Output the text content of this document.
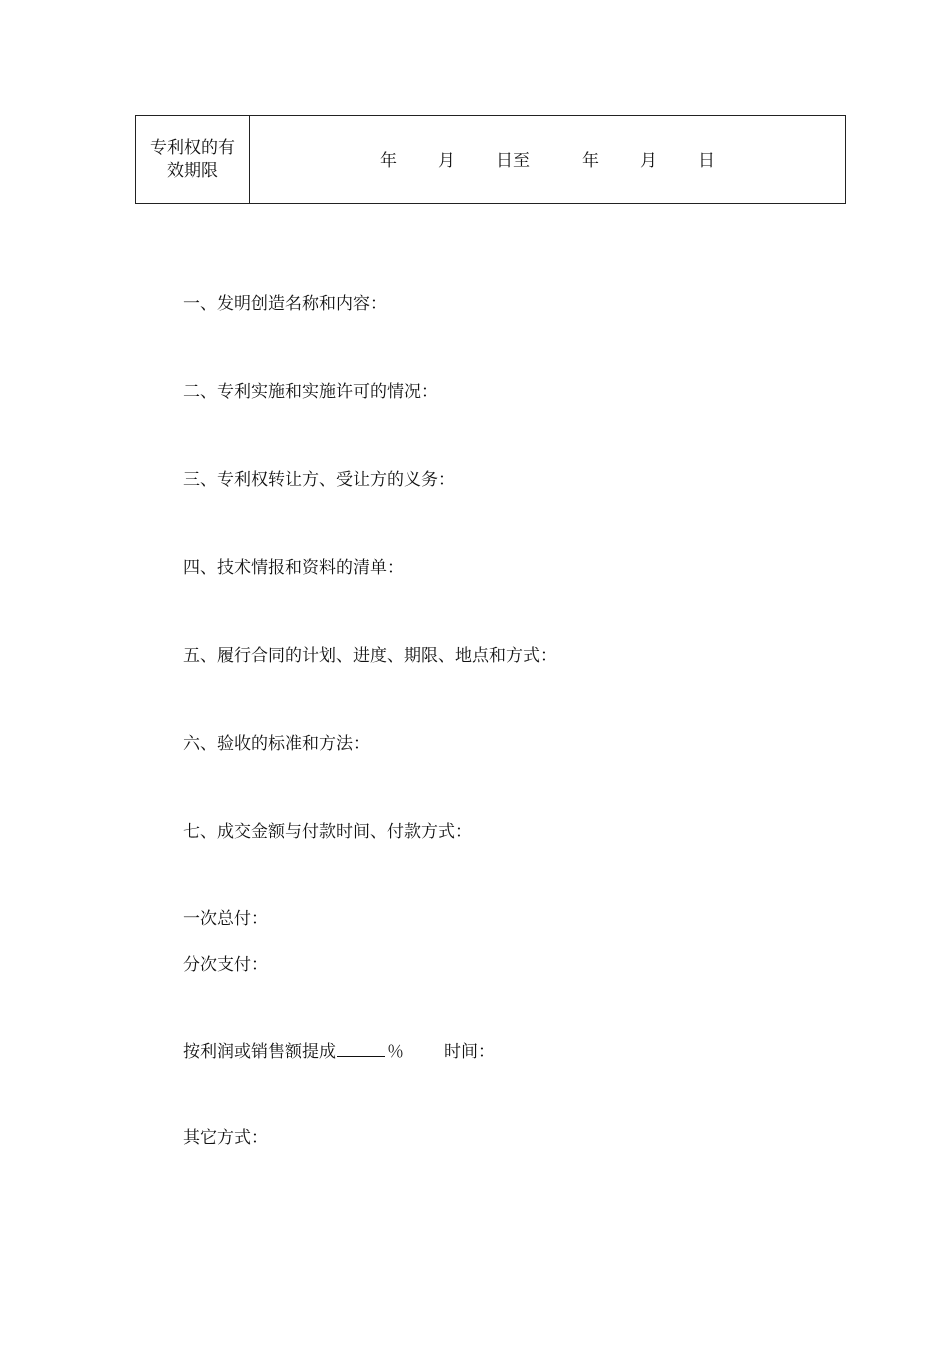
专利权的有效期限	年 月 日至	年 月 日
一、发明创造名称和内容：
二、专利实施和实施许可的情况：
三、专利权转让方、受让方的义务：
四、技术情报和资料的清单：
五、履行合同的计划、进度、期限、地点和方式：
六、验收的标准和方法：
七、成交金额与付款时间、付款方式：
一次总付：
分次支付：
按利润或销售额提成	％ 时间：
其它方式：
